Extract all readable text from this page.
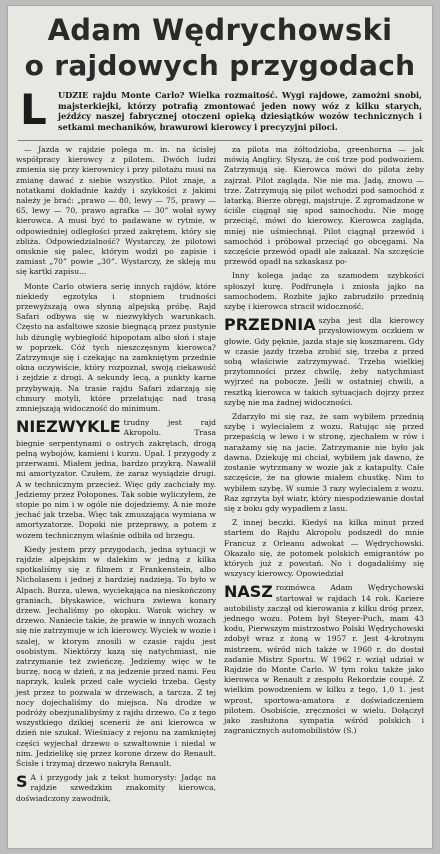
Adam Wędrychowski
o rajdowych przygodach
L UDZIE rajdu Monte Carlo? Wielka rozmaitość. Wygi rajdowe, zamożni snobi, majsterkiejki, którzy potrafią zmontować jeden nowy wóz z kilku starych, jeźdźcy naszej fabrycznej otoczeni opieką dziesiątków wozów technicznych i setkami mechaników, brawurowi kierowcy i precyzyjni piloci.

— Jazda w rajdzie polega m. in. na ścisłej współpracy kierowcy z pilotem. Dwóch ludzi zmienia się przy kierownicy i przy pilotażu musi na zmianę dawać z siebie wszystko. Pilot znaje, a notatkami dokładnie każdy i szykkości z jakimi należy je brać: „prawo — 80, lewy — 75, prawy — 65, lewy — 70, prawo agrafka — 30” wołał sywy kierowca. A musi być to padawane w rytmie, w odpowiedniej odległości przed zakrętem, który się zbliża. Odpowiedzialność? Wystarczy, że pilotowi omsknie się palec, którym wodzi po zapisie i zamiast „70” powie „30”. Wystarczy, że skleją mu się kartki zapisu...

Monte Carlo otwiera serię innych rajdów, które niekiedy egzotyka i stopniem trudności przewyższają owa słynną alpejską próbę. Rajd Safari odbywa się w niezwykłych warunkach. Często na asfaltowe szosie biegnącą przez pustynie lub dżunglę wybiegłość hipopotam albo słoń i staje w poprzek. Cóż tych nieszczęsnym kierowca? Zatrzymuje się i czekając na zamkniętym przednie okna oczywiście, który rozpoznał, swoją ciekawość i zejdzie z drogi. A sekundy lecą, a punkty karne przybywają. Na trasie rajdu Safari zdarzają się chmury motyli, które przelatując nad trasą zmniejszają widoczność do minimum.

NIEZWYKLE trudny jest rajd Akropolu. Trasa biegnie serpentynami o ostrych zakrętach, drogą pełną wybojów, kamieni i kurzu. Upał. I przygody z przerwami. Miałem jedna, bardzo przykrą. Nawalił mi amortyzator. Czułem, że zaraz wysiądzie drugi. A w technicznym przecież. Więc gdy zachciały my. Jedziemy przez Połopones. Tak sobie wyliczyłem, że stopie po nim i w ogóle nie dojedziemy. A nie może jechać jak trzeba. Więc tak zmuszająca wymiana w amortyzatorze. Dopoki nie przeprawy, a potem z wozem technicznym wlaśnie odbiła od brzegu.

Kiedy jestem przy przygodach, jedna sytuacji w rajdzie alpejskim w dalekim w jedną z kilka spotkaliśmy się z filmem z Frankenstein, albo Nicholasem i jednej z bardziej nadzieją. To było w Alpach. Burza, ulewa, wyciekająca na nieskończony graniach, błyskawice, wichura zwiewa konary drzew. Jechaliśmy po okopku. Warok wichry w drzewo. Naniecie takie, że prawie w innych wozach się nie zatrzymuje w ich kierowcy. Wyciek w wozie i szalej, w ktorym znosili w czasie rajdu jest osobistym. Niektórzy kazą się natychmiast, nie zatrzymanie też zwieńczę. Jedziemy więc w te burzę, nocą w dzień, z na jedzenie przed nami. Feu naprzyk, kulek przed całe wycieki trzeba. Gęsty jest przez to pozwala w drzewach, a tarcza. Z tej nocy dojechaliśmy do miejsca. Na drodze w podróży obezjunalibyśmy z rajdu drzewo. Co z tego wszystkiego dzikiej scenerii że ani kierowca w dzień nie szukał. Wieśniacy z rejonu na zamkniętej części wyjechał drzewo o szwałtownie i niedal w nim. Jedzielikę się przez korone drzew do Renault. Ścisłe i trzymaj drzewo nakryła Renault.

S A i przygody jak z tekst humorysty: Jadąc na rajdzie szwedzkim znakomity kierowca, doświadczony zawodnik,

za pilota ma żółtodzioba, greenhorna — jak mówią Anglicy. Słyszą, że coś trze pod podwoziem. Zatrzymują się. Kierowca mówi do pilota żeby zajrzał. Pilot zagląda. Nie nie ma. Jadą, znowu — trze. Zatrzymują się pilot wchodzi pod samochód z latarką. Bierze obręgi, majstruje. Z zgromadzone w ściśle ciągnął się spod samochodu. Nie mogę przeciąć, mówi do kierowcy. Kierowca zagląda, mniej nie uśmiechnął. Pilot ciągnął przewód i samochód i próbował przeciąć go obcęgami. Na szczęście przewód opadł ale zakazał. Na szczęście przewód opadł na szkaskasz po-

Inny kolega jadąc za szamodem szybkości spłoszył kurę. Podfrunęła i zniosła jajko na samochodem. Rozbite jajko zabrudziło przednią szybę i kierowca stracił widoczność.

PRZEDNIA szyba jest dla kierowcy przysłowiowym oczkiem w głowie. Gdy pęknie, jazda staje się koszmarem. Gdy w czasie jazdy trzeba zrobić się, trzeba z przed sobą właściwie zatrzymywać. Trzeba wielkiej przytomności przez chwilę, żeby natychmiast wyjrzeć na pobocze. Jeśli w ostatniej chwili, a resztką kierowca w takich sytuacjach dojrzy przez szybę nie ma żadnej widoczności.

Zdarzyło mi się raz, że sam wybiłem przednią szybę i wylecialem z wozu. Ratując się przed przepaścią w lewo i w stronę, zjechałem w rów i narażamy się na jacie. Zatrzymanie nie było jak dawna. Dziekuję mi chciał, wybiłem jak dawno, że zostanie wytrzmany w wozie jak z katapulty. Całe szczęście, że na głowie miałem chustkę. Nim to wybiłem szybę. W sumie 3 razy wylecialem z wozu. Raz zgrzyta był wiatr, który niespodziewanie dostał się z boku gdy wypadłem z lasu.

Z innej beczki. Kiedyś na kilka minut przed startem do Rajdu Akropolu podszedł do mnie Francuz z Orleanu adwokat — Wędrychowski. Okazało się, że potomek polskich emigrantów po których już z powstań. No i dogadaliśmy się wszyscy kierowcy. Opowiedział

NASZ rozmówca Adam Wędrychowski startował w rajdach 14 rok. Kariere autobilisty zaczął od kierowania z kilku dróg przez, jednego wozu. Potem był Steyer-Puch, mam 43 kodu, Pierwszym mistrzostwo Polski Wędrychowski zdobył wraz z żoną w 1957 r. Jest 4-krotnym mistrzem, wśród nich także w 1960 r. do dostał zadanie Mistrz Sportu. W 1962 r. wziął udział w Rajdzie do Monte Carlo. W tym roku także jako kierowca w Renault z zespołu Rekordzie coupé. Z wielkim powodzeniem w kilku z tego, 1,0 1. jest wprost, sportowa-amatora z doświadczeniem pilotem. Osobiście, zręczności w wielu. Dołączył jako zasłużona sympatia wśród polskich i zagranicznych automobilistów (S.)
